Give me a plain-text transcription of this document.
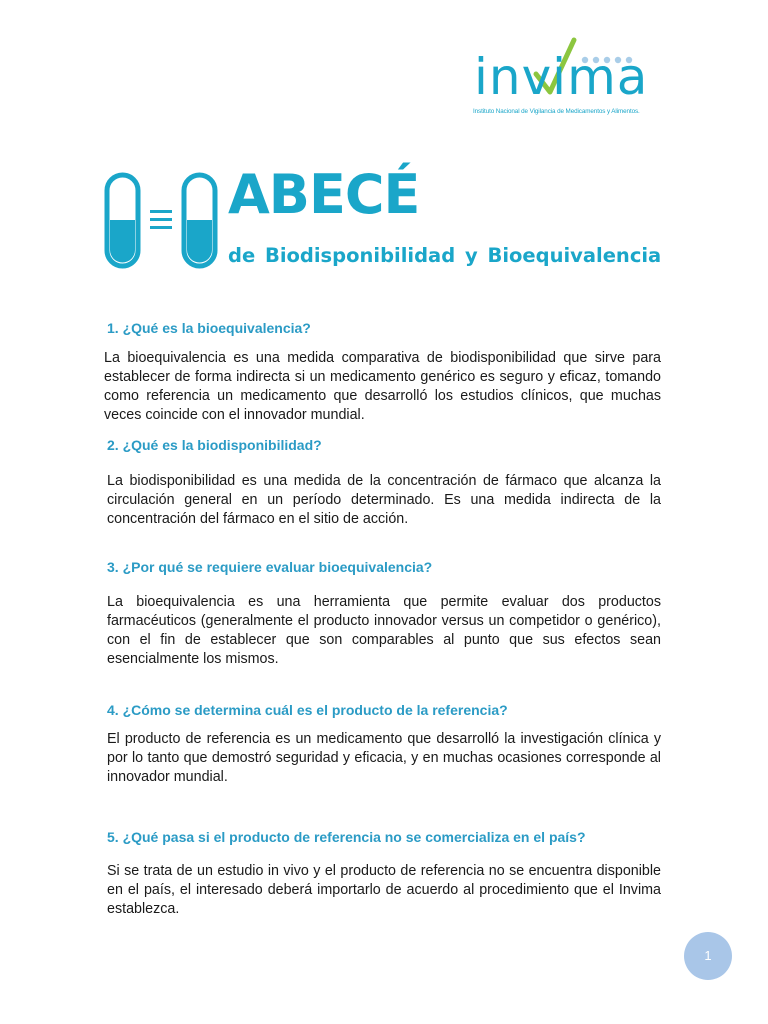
invima
Instituto Nacional de Vigilancia de Medicamentos y Alimentos.
ABECÉ
de Biodisponibilidad y Bioequivalencia
1. ¿Qué es la bioequivalencia?
La bioequivalencia es una medida comparativa de biodisponibilidad que sirve para establecer de forma indirecta si un medicamento genérico es seguro y eficaz, tomando como referencia un medicamento que desarrolló los estudios clínicos, que muchas veces coincide con el innovador mundial.
2. ¿Qué es la biodisponibilidad?
La biodisponibilidad es una medida de la concentración de fármaco que alcanza la circulación general en un período determinado. Es una medida indirecta de la concentración del fármaco en el sitio de acción.
3. ¿Por qué se requiere evaluar bioequivalencia?
La bioequivalencia es una herramienta que permite evaluar dos productos farmacéuticos (generalmente el producto innovador versus un competidor o genérico), con el fin de establecer que son comparables al punto que sus efectos sean esencialmente los mismos.
4. ¿Cómo se determina cuál es el producto de la referencia?
El producto de referencia es un medicamento que desarrolló la investigación clínica y por lo tanto que demostró seguridad y eficacia, y en muchas ocasiones corresponde al innovador mundial.
5. ¿Qué pasa si el producto de referencia no se comercializa en el país?
Si se trata de un estudio in vivo y el producto de referencia no se encuentra disponible en el país, el interesado deberá importarlo de acuerdo al procedimiento que el Invima establezca.
1
